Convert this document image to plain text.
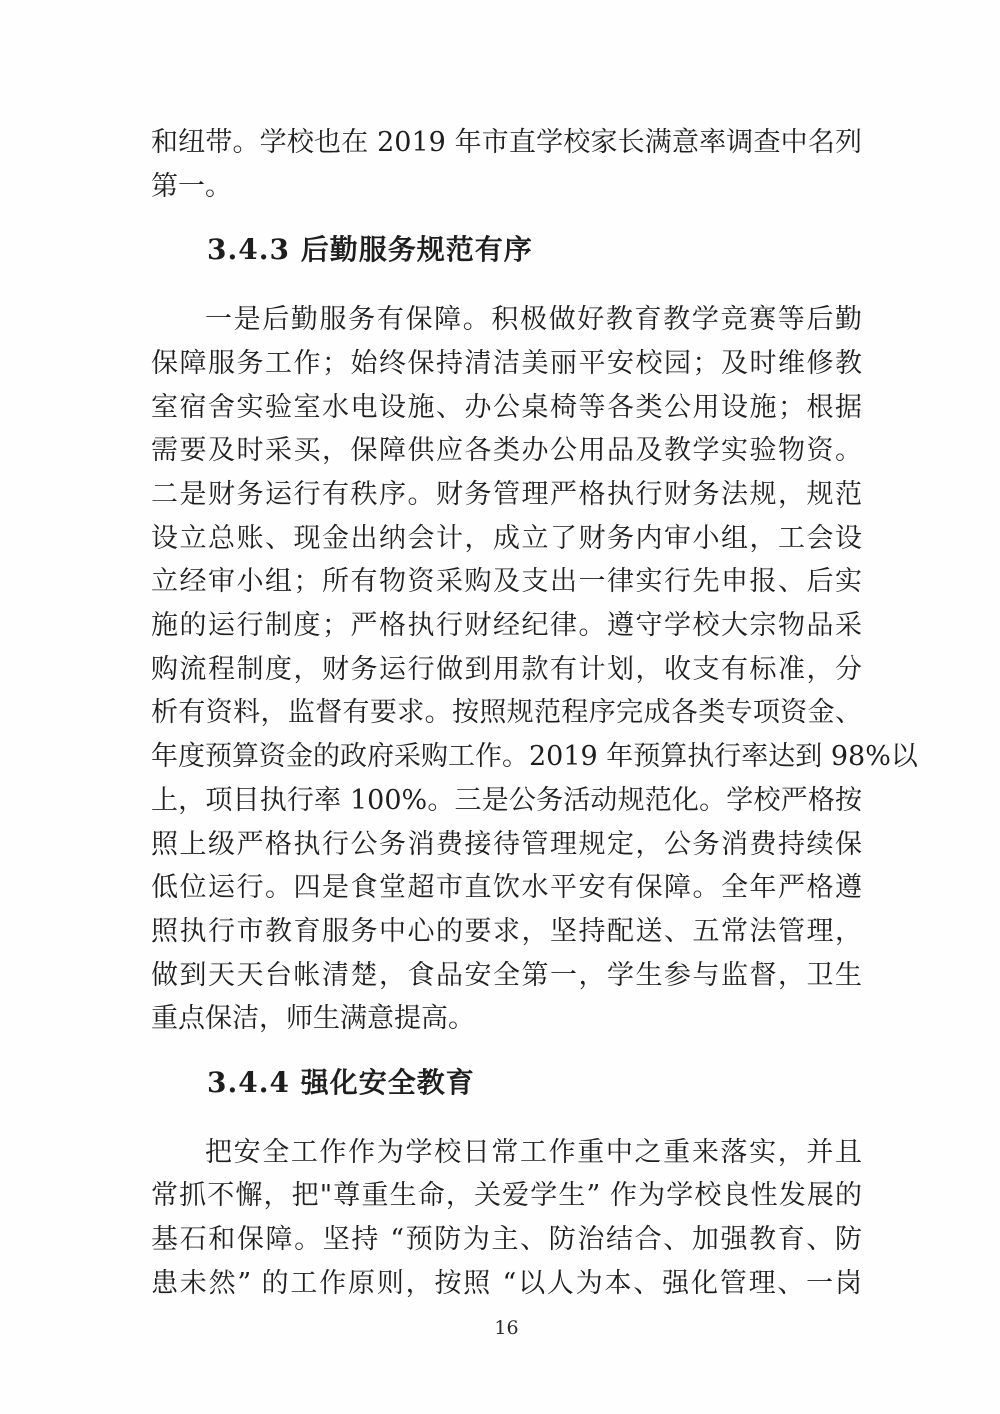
和纽带。学校也在 2019 年市直学校家长满意率调查中名列
第一。
3.4.3 后勤服务规范有序
一是后勤服务有保障。积极做好教育教学竞赛等后勤
保障服务工作；始终保持清洁美丽平安校园；及时维修教
室宿舍实验室水电设施、办公桌椅等各类公用设施；根据
需要及时采买，保障供应各类办公用品及教学实验物资。
二是财务运行有秩序。财务管理严格执行财务法规，规范
设立总账、现金出纳会计，成立了财务内审小组，工会设
立经审小组；所有物资采购及支出一律实行先申报、后实
施的运行制度；严格执行财经纪律。遵守学校大宗物品采
购流程制度，财务运行做到用款有计划，收支有标准，分
析有资料，监督有要求。按照规范程序完成各类专项资金、
年度预算资金的政府采购工作。2019 年预算执行率达到 98%以
上，项目执行率 100%。三是公务活动规范化。学校严格按
照上级严格执行公务消费接待管理规定，公务消费持续保
低位运行。四是食堂超市直饮水平安有保障。全年严格遵
照执行市教育服务中心的要求，坚持配送、五常法管理，
做到天天台帐清楚，食品安全第一，学生参与监督，卫生
重点保洁，师生满意提高。
3.4.4 强化安全教育
把安全工作作为学校日常工作重中之重来落实，并且
常抓不懈，把"尊重生命，关爱学生” 作为学校良性发展的
基石和保障。坚持 “预防为主、防治结合、加强教育、防
患未然” 的工作原则，按照 “以人为本、强化管理、一岗
16
